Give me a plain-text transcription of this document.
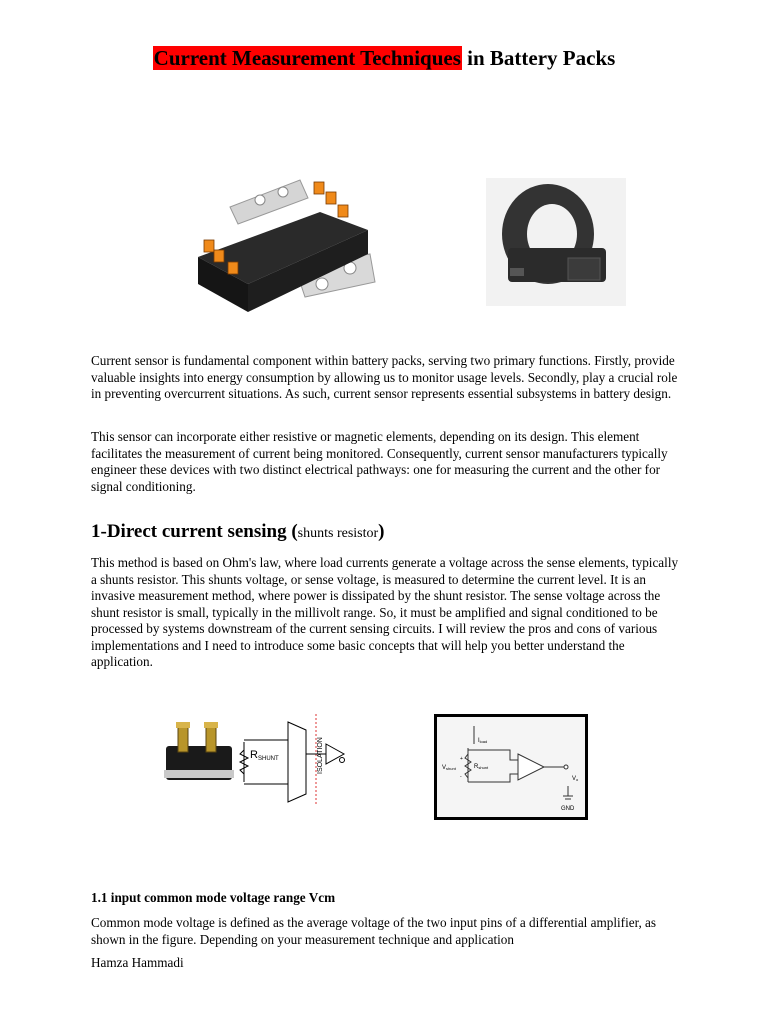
Current Measurement Techniques in Battery Packs

Current sensor is fundamental component within battery packs, serving two primary functions. Firstly, provide valuable insights into energy consumption by allowing us to monitor usage levels. Secondly, play a crucial role in preventing overcurrent situations. As such, current sensor represents essential subsystems in battery design.

This sensor can incorporate either resistive or magnetic elements, depending on its design. This element facilitates the measurement of current being monitored. Consequently, current sensor manufacturers typically engineer these devices with two distinct electrical pathways: one for measuring the current and the other for signal conditioning.

1-Direct current sensing (shunts resistor)

This method is based on Ohm's law, where load currents generate a voltage across the sense elements, typically a shunts resistor. This shunts voltage, or sense voltage, is measured to determine the current level. It is an invasive measurement method, where power is dissipated by the shunt resistor. The sense voltage across the shunt resistor is small, typically in the millivolt range. So, it must be amplified and signal conditioned to be processed by systems downstream of the current sensing circuits. I will review the pros and cons of various implementations and I need to introduce some basic concepts that will help you better understand the application.

R SHUNT	ISOLATION	Iload
Vshunt	Rshunt
+
-	Vo
GND
1.1 input common mode voltage range Vcm

Common mode voltage is defined as the average voltage of the two input pins of a differential amplifier, as shown in the figure. Depending on your measurement technique and application

Hamza Hammadi
